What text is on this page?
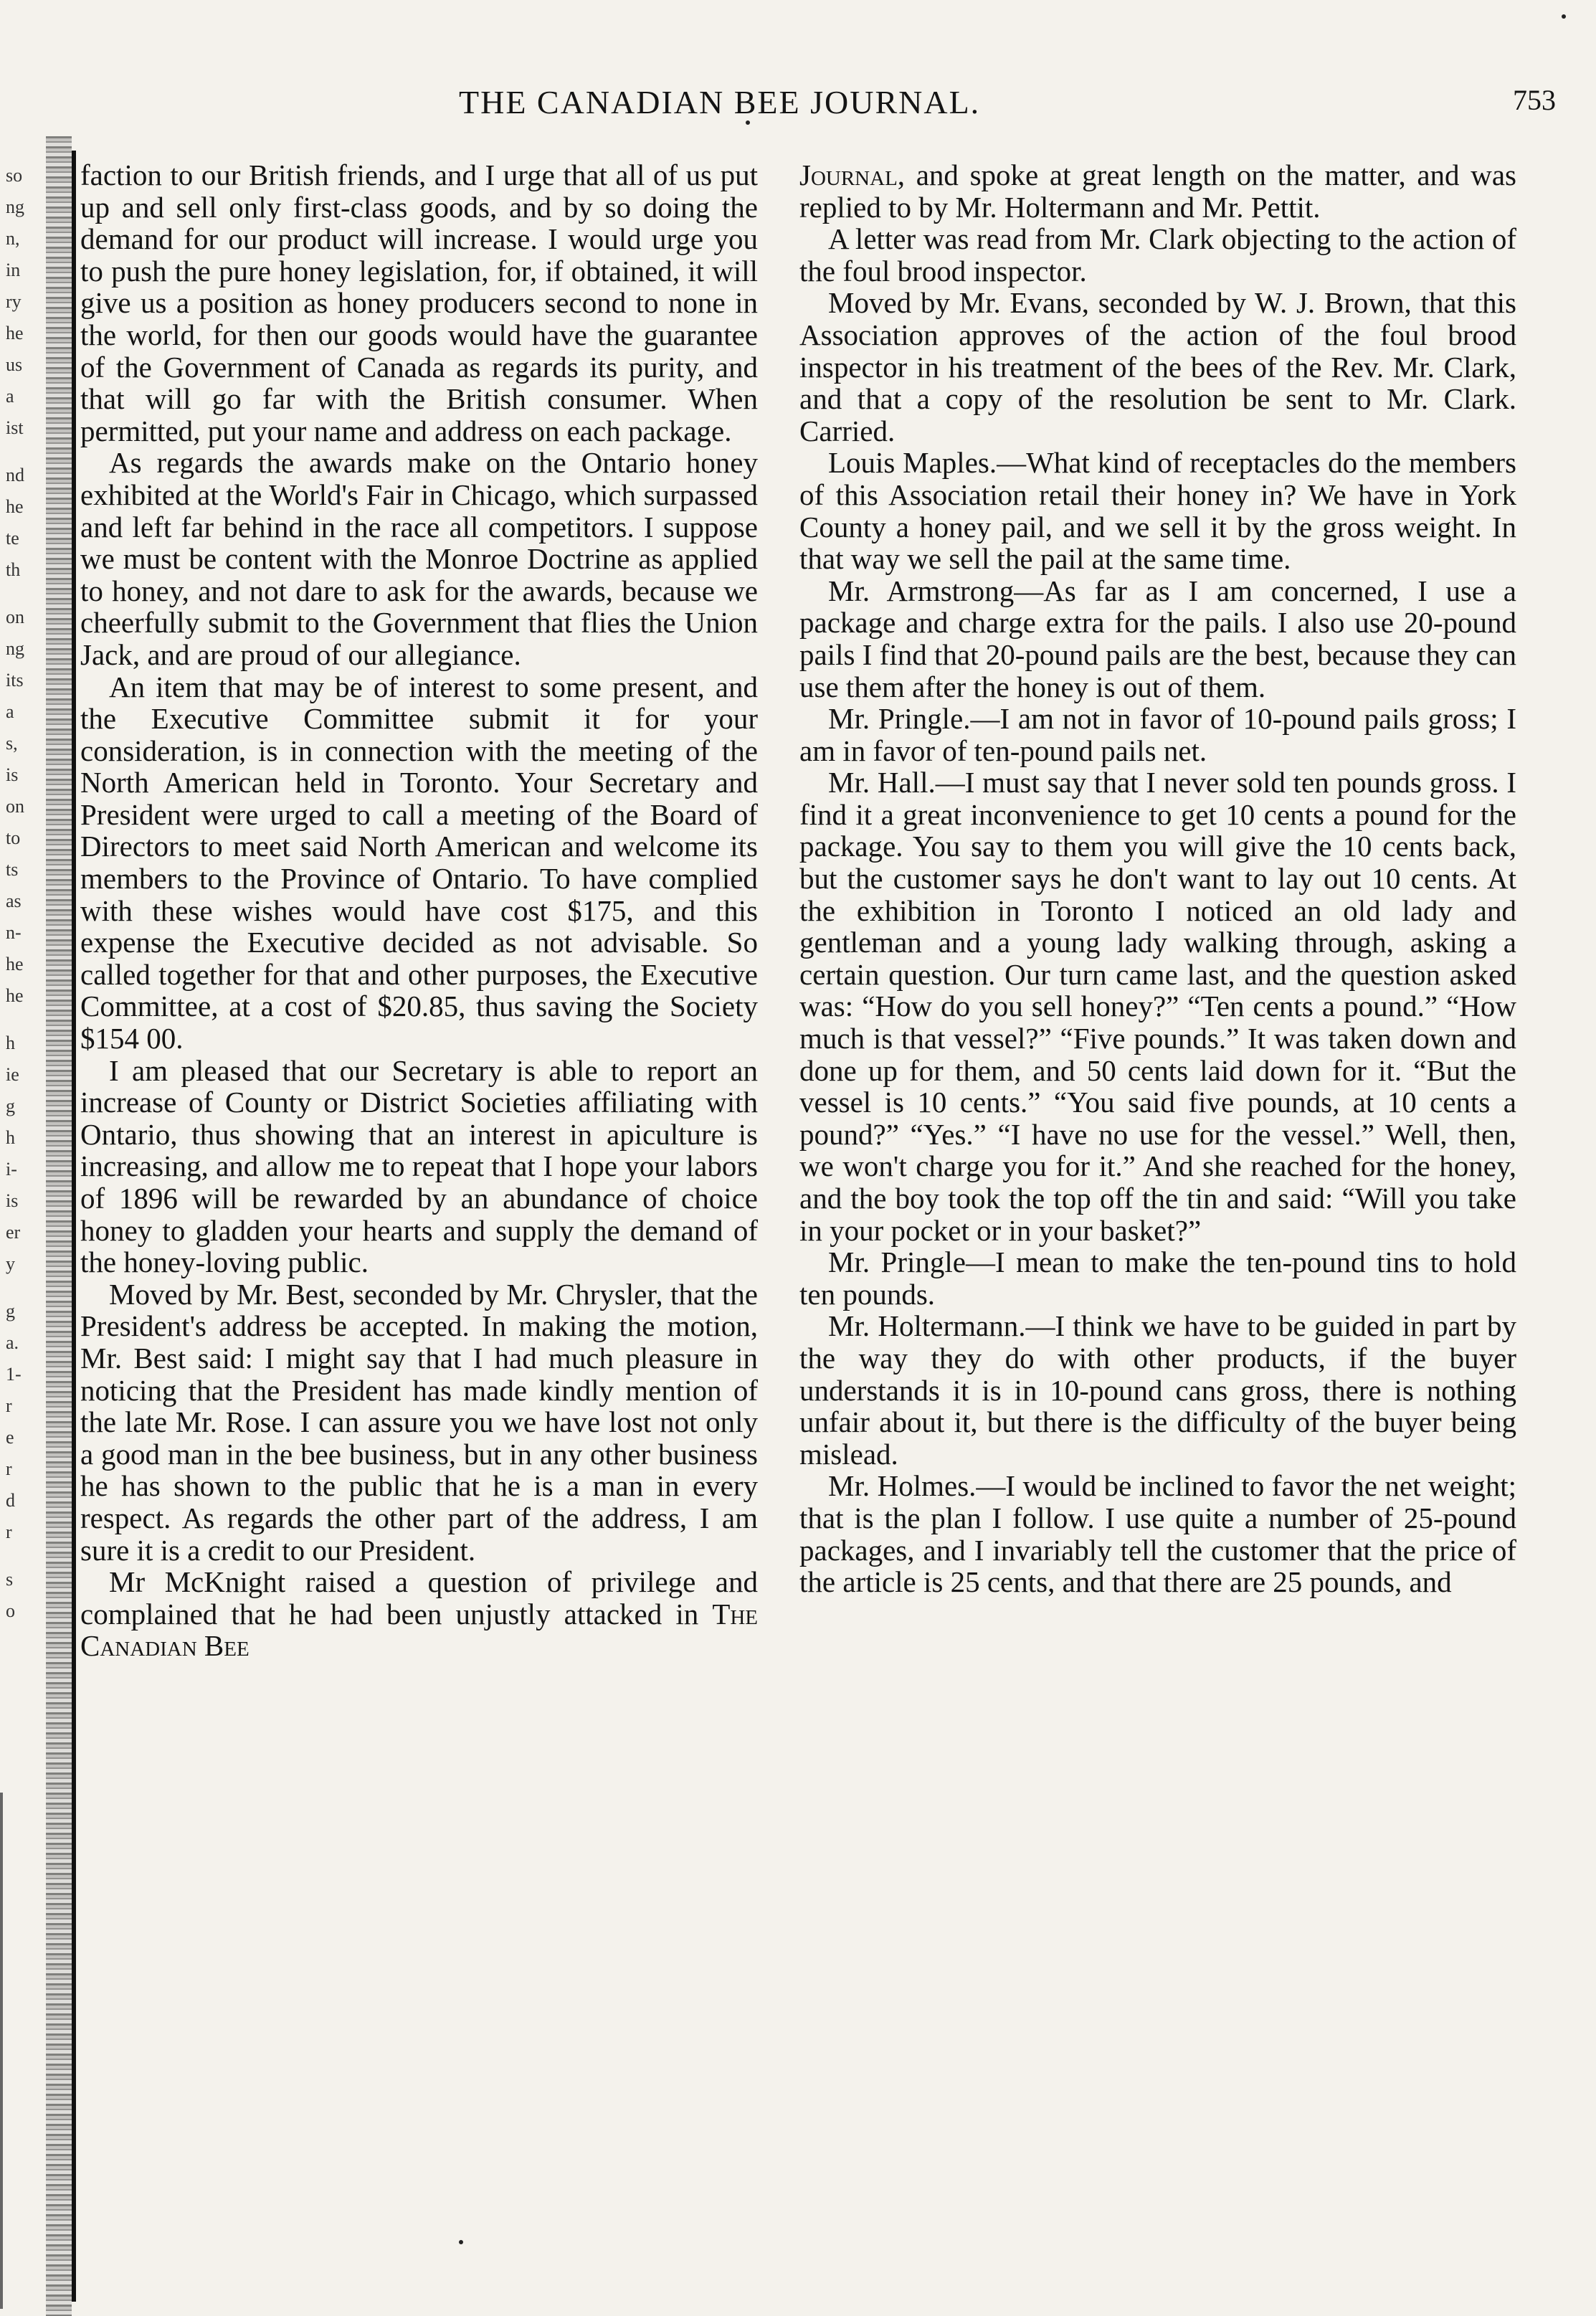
so
ng
n,
in
ry
he
us
a
ist
nd
he
te
th
on
ng
its
a
s,
is
on
to
ts
as
n-
he
he
h
ie
g
h
i-
is
er
y
g
a.
1-
r
e
r
d
r
s
o
THE CANADIAN BEE JOURNAL.	753

faction to our British friends, and I urge that all of us put up and sell only first-class goods, and by so doing the demand for our product will increase. I would urge you to push the pure honey legislation, for, if obtained, it will give us a position as honey producers second to none in the world, for then our goods would have the guarantee of the Government of Canada as regards its purity, and that will go far with the British consumer. When permitted, put your name and address on each package.

As regards the awards make on the Ontario honey exhibited at the World's Fair in Chicago, which surpassed and left far behind in the race all competitors. I suppose we must be content with the Monroe Doctrine as applied to honey, and not dare to ask for the awards, because we cheerfully submit to the Government that flies the Union Jack, and are proud of our allegiance.

An item that may be of interest to some present, and the Executive Committee submit it for your consideration, is in connection with the meeting of the North American held in Toronto. Your Secretary and President were urged to call a meeting of the Board of Directors to meet said North American and welcome its members to the Province of Ontario. To have complied with these wishes would have cost $175, and this expense the Executive decided as not advisable. So called together for that and other purposes, the Executive Committee, at a cost of $20.85, thus saving the Society $154 00.

I am pleased that our Secretary is able to report an increase of County or District Societies affiliating with Ontario, thus showing that an interest in apiculture is increasing, and allow me to repeat that I hope your labors of 1896 will be rewarded by an abundance of choice honey to gladden your hearts and supply the demand of the honey-loving public.

Moved by Mr. Best, seconded by Mr. Chrysler, that the President's address be accepted. In making the motion, Mr. Best said: I might say that I had much pleasure in noticing that the President has made kindly mention of the late Mr. Rose. I can assure you we have lost not only a good man in the bee business, but in any other business he has shown to the public that he is a man in every respect. As regards the other part of the address, I am sure it is a credit to our President.

Mr McKnight raised a question of privilege and complained that he had been unjustly attacked in The Canadian Bee

Journal, and spoke at great length on the matter, and was replied to by Mr. Holtermann and Mr. Pettit.

A letter was read from Mr. Clark objecting to the action of the foul brood inspector.

Moved by Mr. Evans, seconded by W. J. Brown, that this Association approves of the action of the foul brood inspector in his treatment of the bees of the Rev. Mr. Clark, and that a copy of the resolution be sent to Mr. Clark. Carried.

Louis Maples.—What kind of receptacles do the members of this Association retail their honey in? We have in York County a honey pail, and we sell it by the gross weight. In that way we sell the pail at the same time.

Mr. Armstrong—As far as I am concerned, I use a package and charge extra for the pails. I also use 20-pound pails I find that 20-pound pails are the best, because they can use them after the honey is out of them.

Mr. Pringle.—I am not in favor of 10-pound pails gross; I am in favor of ten-pound pails net.

Mr. Hall.—I must say that I never sold ten pounds gross. I find it a great inconvenience to get 10 cents a pound for the package. You say to them you will give the 10 cents back, but the customer says he don't want to lay out 10 cents. At the exhibition in Toronto I noticed an old lady and gentleman and a young lady walking through, asking a certain question. Our turn came last, and the question asked was: “How do you sell honey?” “Ten cents a pound.” “How much is that vessel?” “Five pounds.” It was taken down and done up for them, and 50 cents laid down for it. “But the vessel is 10 cents.” “You said five pounds, at 10 cents a pound?” “Yes.” “I have no use for the vessel.” Well, then, we won't charge you for it.” And she reached for the honey, and the boy took the top off the tin and said: “Will you take in your pocket or in your basket?”

Mr. Pringle—I mean to make the ten-pound tins to hold ten pounds.

Mr. Holtermann.—I think we have to be guided in part by the way they do with other products, if the buyer understands it is in 10-pound cans gross, there is nothing unfair about it, but there is the difficulty of the buyer being mislead.

Mr. Holmes.—I would be inclined to favor the net weight; that is the plan I follow. I use quite a number of 25-pound packages, and I invariably tell the customer that the price of the article is 25 cents, and that there are 25 pounds, and
